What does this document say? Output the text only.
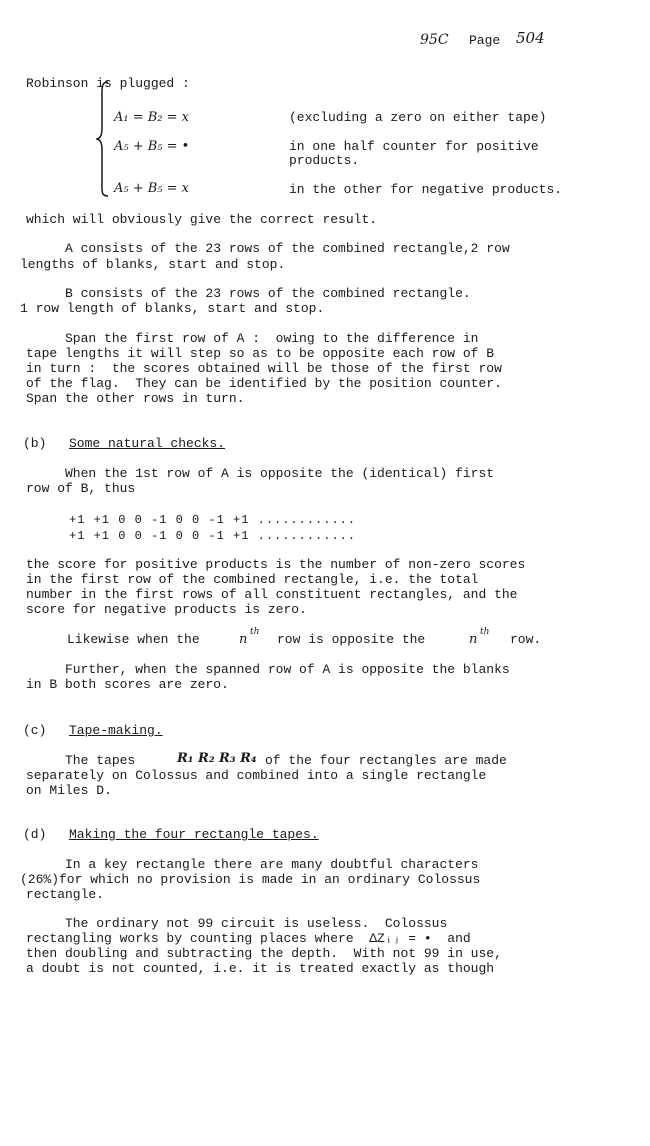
95C Page 504
Robinson is plugged :
A₁ = B₂ = x	(excluding a zero on either tape)
A₅ + B₅ = •	in one half counter for positive
products.
A₅ + B₅ = x	in the other for negative products.
which will obviously give the correct result.
A consists of the 23 rows of the combined rectangle,2 row
lengths of blanks, start and stop.
B consists of the 23 rows of the combined rectangle.
1 row length of blanks, start and stop.
Span the first row of A :  owing to the difference in
tape lengths it will step so as to be opposite each row of B
in turn :  the scores obtained will be those of the first row
of the flag.  They can be identified by the position counter.
Span the other rows in turn.
(b) Some natural checks.
When the 1st row of A is opposite the (identical) first
row of B, thus
+1 +1 0 0 -1 0 0 -1 +1 ............
+1 +1 0 0 -1 0 0 -1 +1 ............
the score for positive products is the number of non-zero scores
in the first row of the combined rectangle, i.e. the total
number in the first rows of all constituent rectangles, and the
score for negative products is zero.
Likewise when the	n th row is opposite the	n th row.
Further, when the spanned row of A is opposite the blanks
in B both scores are zero.
(c) Tape-making.
The tapes	R₁ R₂ R₃ R₄ of the four rectangles are made
separately on Colossus and combined into a single rectangle
on Miles D.
(d) Making the four rectangle tapes.
In a key rectangle there are many doubtful characters
(26%)for which no provision is made in an ordinary Colossus
rectangle.
The ordinary not 99 circuit is useless.  Colossus
rectangling works by counting places where  ΔZᵢⱼ = •  and
then doubling and subtracting the depth.  With not 99 in use,
a doubt is not counted, i.e. it is treated exactly as though
